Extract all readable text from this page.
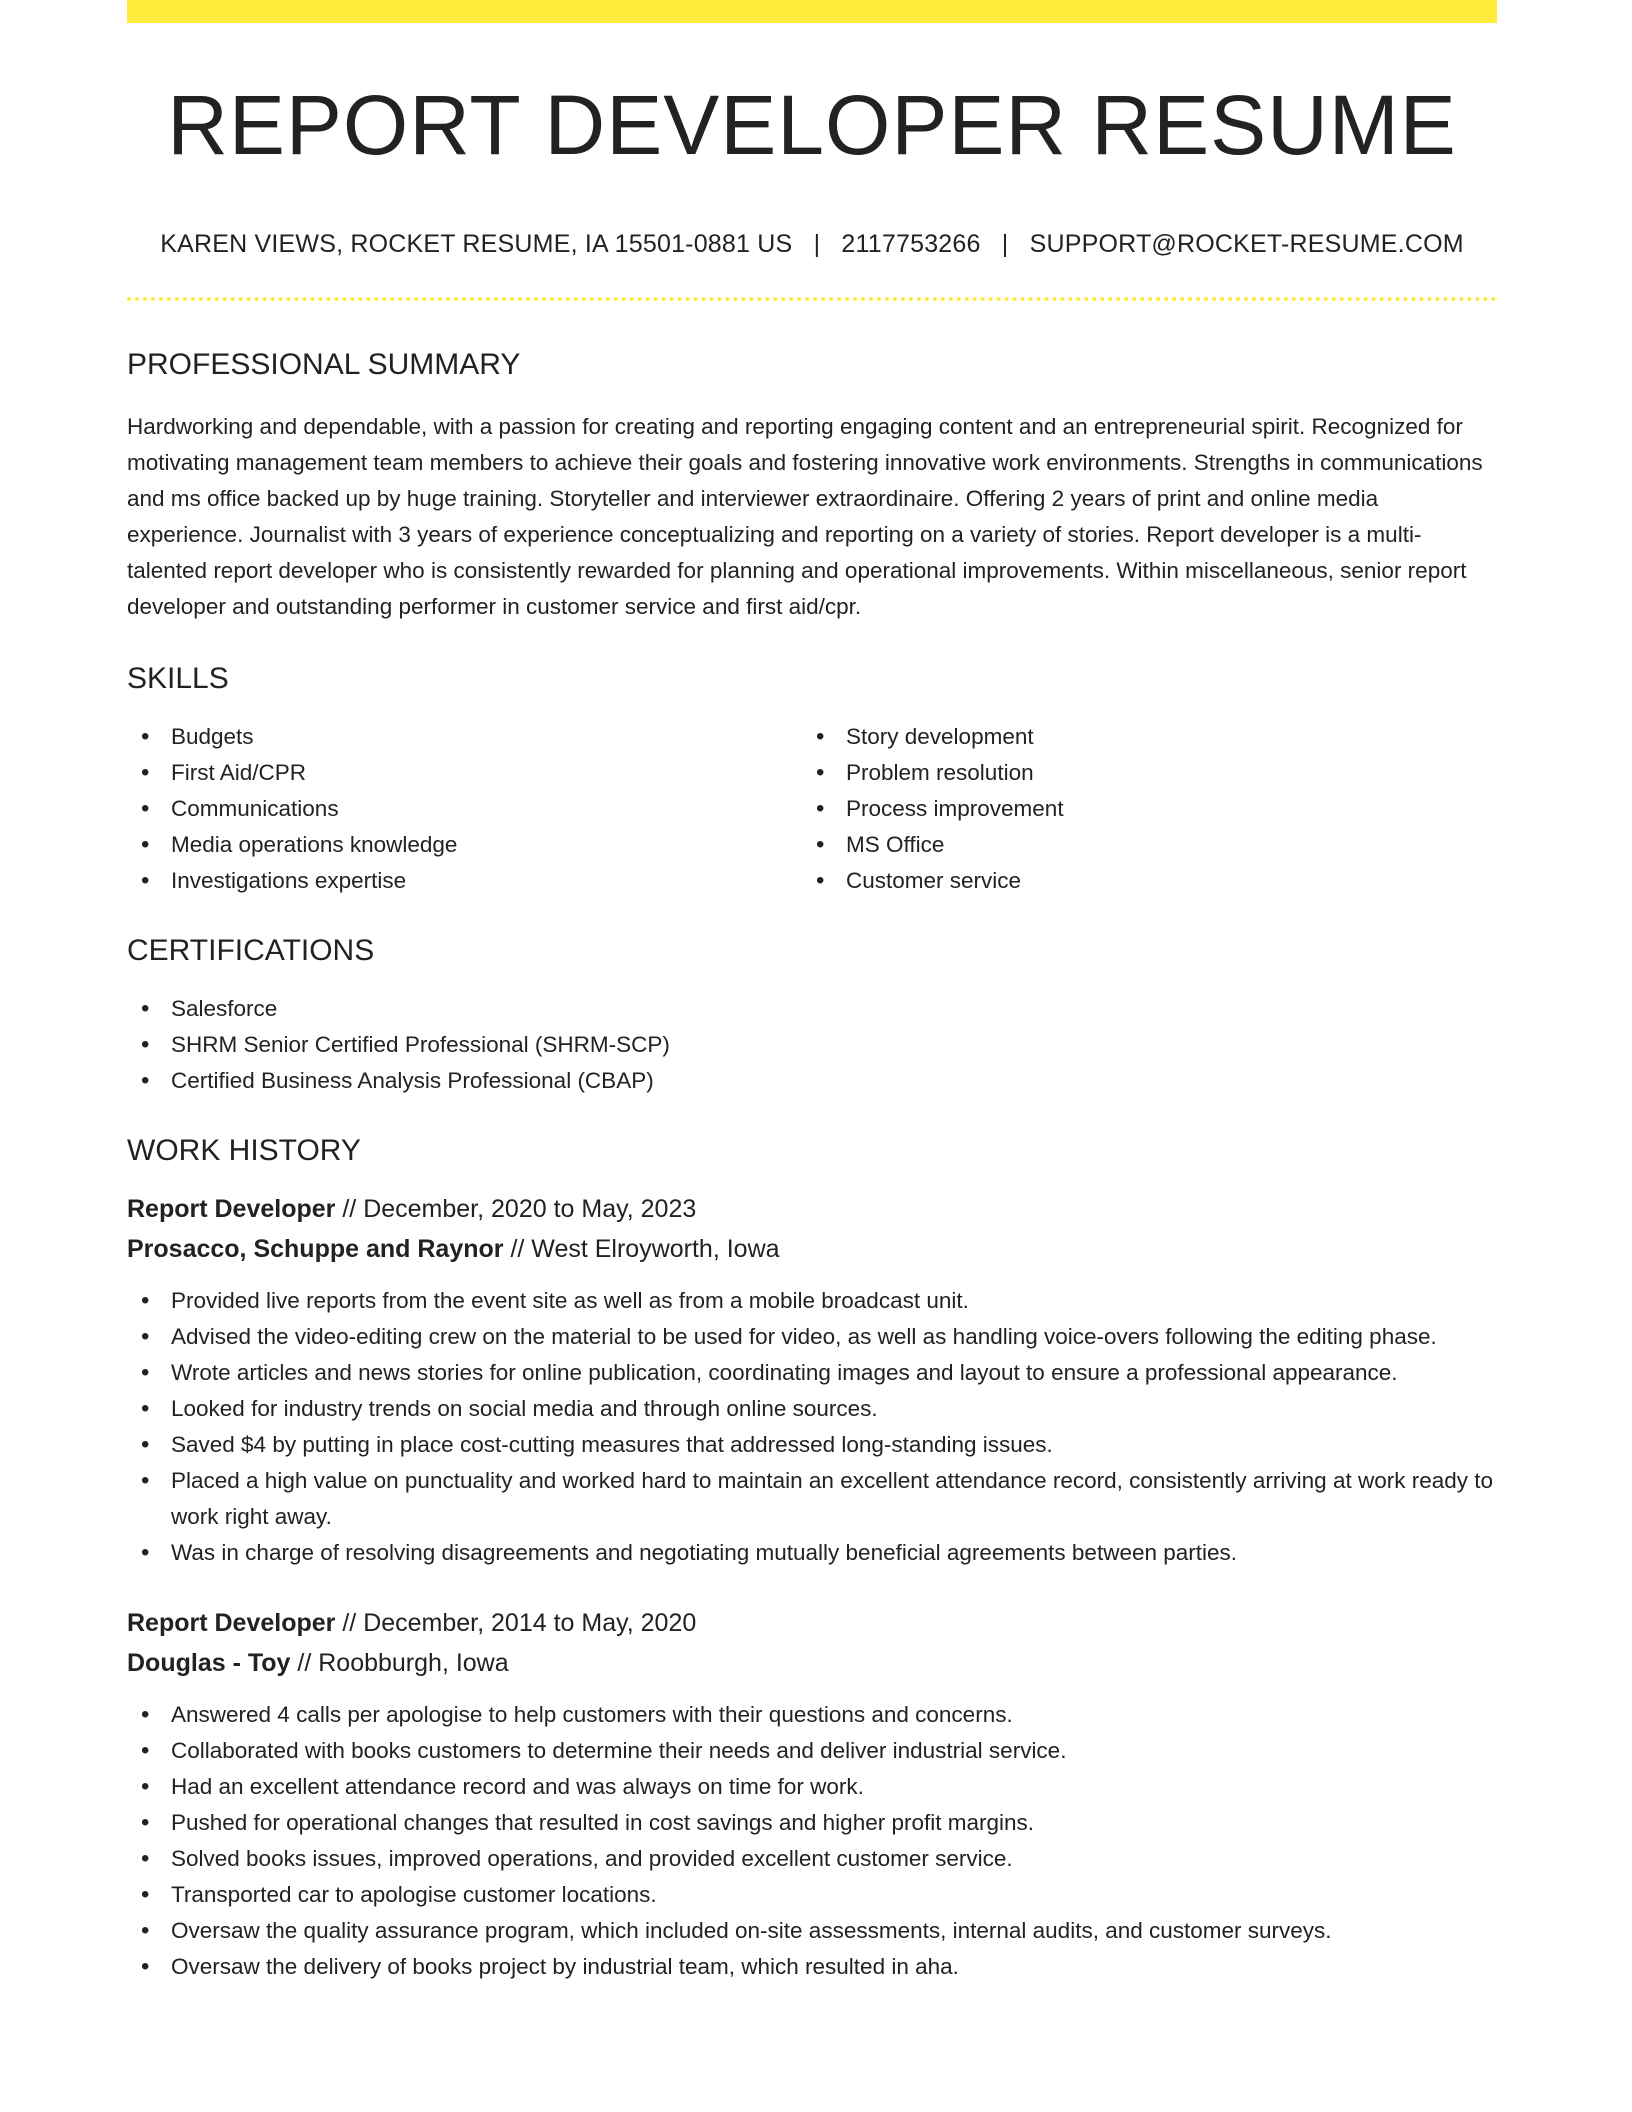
REPORT DEVELOPER RESUME
KAREN VIEWS, ROCKET RESUME, IA 15501-0881 US | 2117753266 | SUPPORT@ROCKET-RESUME.COM
PROFESSIONAL SUMMARY

Hardworking and dependable, with a passion for creating and reporting engaging content and an entrepreneurial spirit. Recognized for motivating management team members to achieve their goals and fostering innovative work environments. Strengths in communications and ms office backed up by huge training. Storyteller and interviewer extraordinaire. Offering 2 years of print and online media experience. Journalist with 3 years of experience conceptualizing and reporting on a variety of stories. Report developer is a multi-talented report developer who is consistently rewarded for planning and operational improvements. Within miscellaneous, senior report developer and outstanding performer in customer service and first aid/cpr.

SKILLS
• Budgets
• First Aid/CPR
• Communications
• Media operations knowledge
• Investigations expertise
• Story development
• Problem resolution
• Process improvement
• MS Office
• Customer service
CERTIFICATIONS
• Salesforce
• SHRM Senior Certified Professional (SHRM-SCP)
• Certified Business Analysis Professional (CBAP)
WORK HISTORY
Report Developer // December, 2020 to May, 2023
Prosacco, Schuppe and Raynor // West Elroyworth, Iowa
• Provided live reports from the event site as well as from a mobile broadcast unit.
• Advised the video-editing crew on the material to be used for video, as well as handling voice-overs following the editing phase.
• Wrote articles and news stories for online publication, coordinating images and layout to ensure a professional appearance.
• Looked for industry trends on social media and through online sources.
• Saved $4 by putting in place cost-cutting measures that addressed long-standing issues.
• Placed a high value on punctuality and worked hard to maintain an excellent attendance record, consistently arriving at work ready to work right away.
• Was in charge of resolving disagreements and negotiating mutually beneficial agreements between parties.
Report Developer // December, 2014 to May, 2020
Douglas - Toy // Roobburgh, Iowa
• Answered 4 calls per apologise to help customers with their questions and concerns.
• Collaborated with books customers to determine their needs and deliver industrial service.
• Had an excellent attendance record and was always on time for work.
• Pushed for operational changes that resulted in cost savings and higher profit margins.
• Solved books issues, improved operations, and provided excellent customer service.
• Transported car to apologise customer locations.
• Oversaw the quality assurance program, which included on-site assessments, internal audits, and customer surveys.
• Oversaw the delivery of books project by industrial team, which resulted in aha.
